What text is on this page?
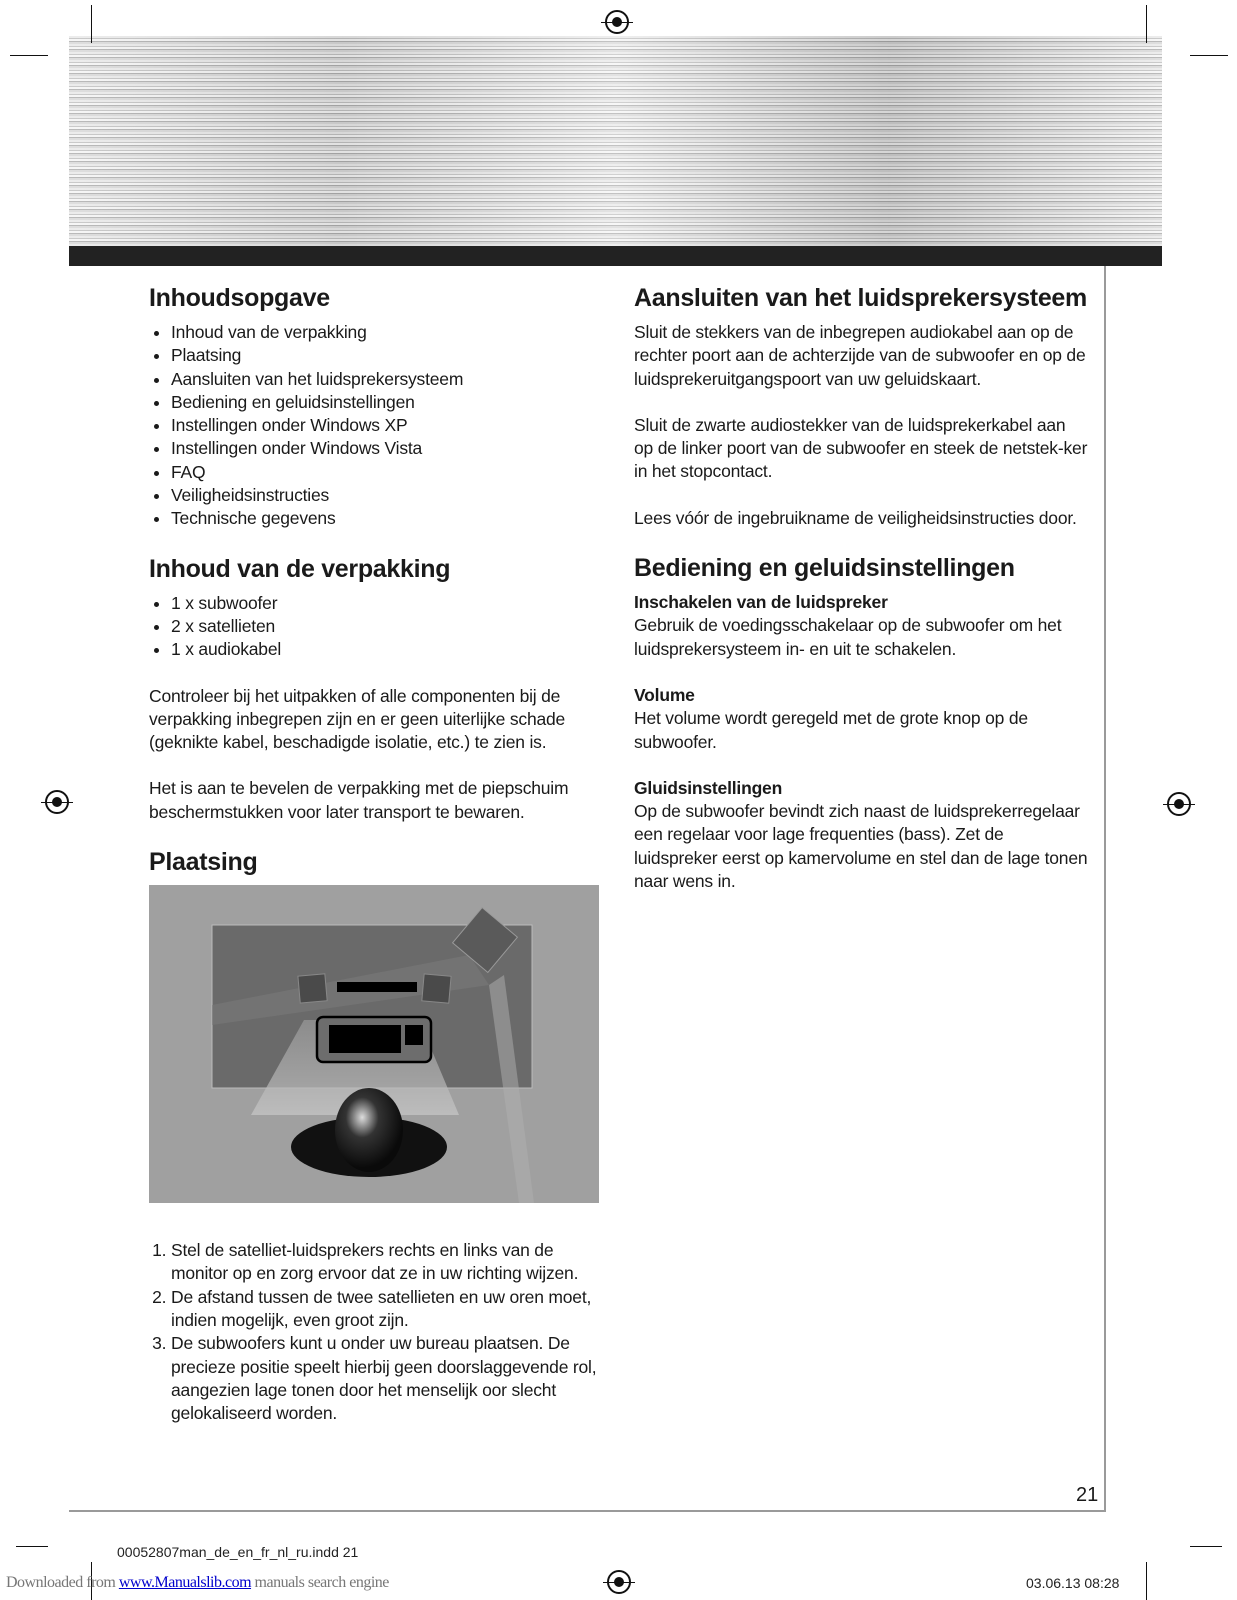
Inhoudsopgave
• Inhoud van de verpakking
• Plaatsing
• Aansluiten van het luidsprekersysteem
• Bediening en geluidsinstellingen
• Instellingen onder Windows XP
• Instellingen onder Windows Vista
• FAQ
• Veiligheidsinstructies
• Technische gegevens
Inhoud van de verpakking
• 1 x subwoofer
• 2 x satellieten
• 1 x audiokabel

Controleer bij het uitpakken of alle componenten bij de verpakking inbegrepen zijn en er geen uiterlijke schade (geknikte kabel, beschadigde isolatie, etc.) te zien is.

Het is aan te bevelen de verpakking met de piepschuim beschermstukken voor later transport te bewaren.

Plaatsing
1. Stel de satelliet-luidsprekers rechts en links van de monitor op en zorg ervoor dat ze in uw richting wijzen.
2. De afstand tussen de twee satellieten en uw oren moet, indien mogelijk, even groot zijn.
3. De subwoofers kunt u onder uw bureau plaatsen. De precieze positie speelt hierbij geen doorslaggevende rol, aangezien lage tonen door het menselijk oor slecht gelokaliseerd worden.
Aansluiten van het luidsprekersysteem

Sluit de stekkers van de inbegrepen audiokabel aan op de rechter poort aan de achterzijde van de subwoofer en op de luidsprekeruitgangspoort van uw geluidskaart.

Sluit de zwarte audiostekker van de luidsprekerkabel aan op de linker poort van de subwoofer en steek de netstek-ker in het stopcontact.

Lees vóór de ingebruikname de veiligheidsinstructies door.

Bediening en geluidsinstellingen
Inschakelen van de luidspreker

Gebruik de voedingsschakelaar op de subwoofer om het luidsprekersysteem in- en uit te schakelen.

Volume

Het volume wordt geregeld met de grote knop op de subwoofer.

Gluidsinstellingen

Op de subwoofer bevindt zich naast de luidsprekerregelaar een regelaar voor lage frequenties (bass). Zet de luidspreker eerst op kamervolume en stel dan de lage tonen naar wens in.

21
00052807man_de_en_fr_nl_ru.indd 21
Downloaded from www.Manualslib.com manuals search engine	03.06.13 08:28
